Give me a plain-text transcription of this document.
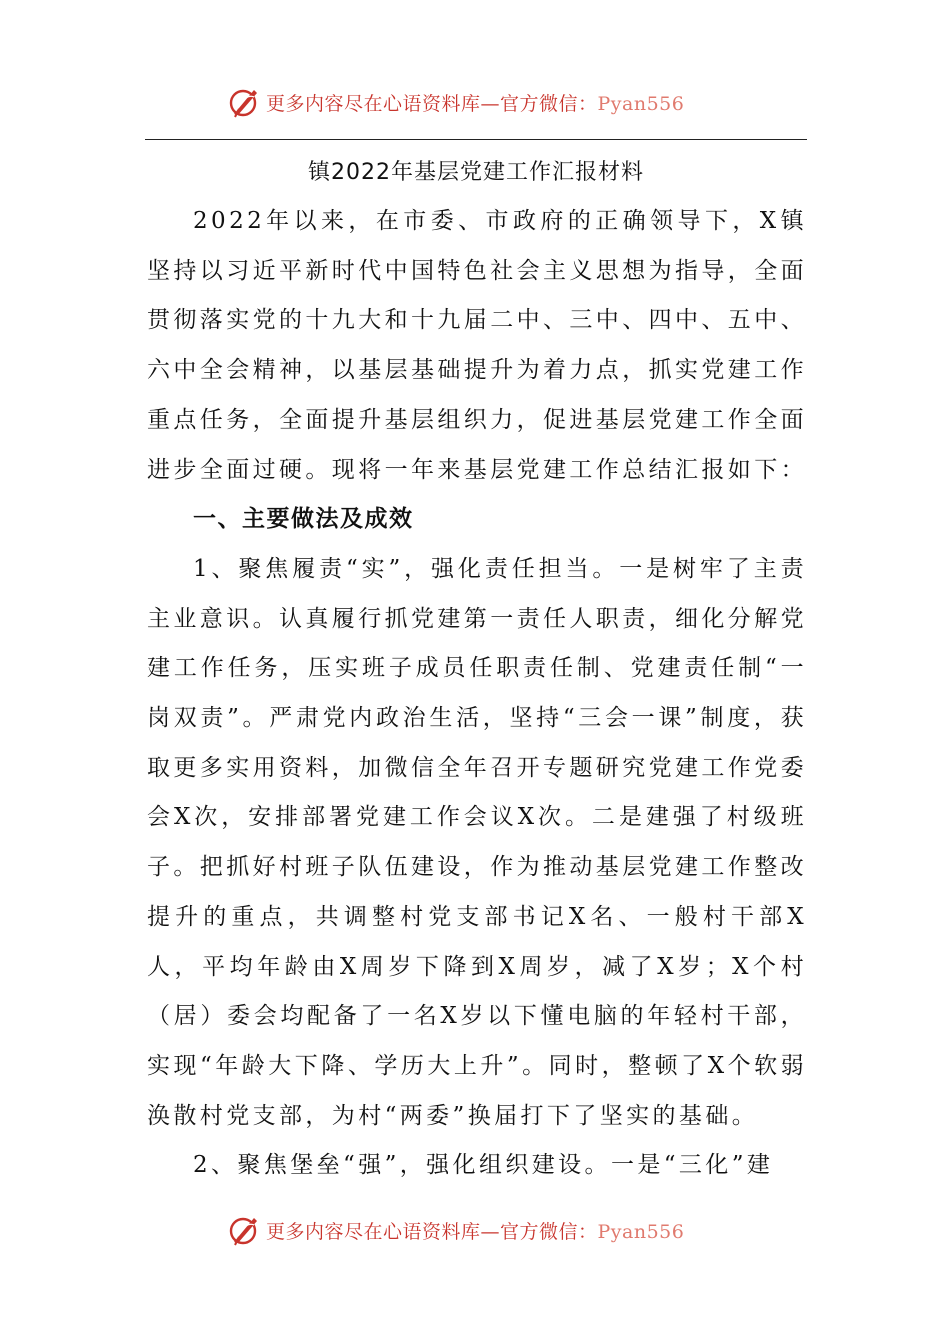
更多内容尽在心语资料库—官方微信：Pyan556
镇2022年基层党建工作汇报材料

2022年以来，在市委、市政府的正确领导下，X镇坚持以习近平新时代中国特色社会主义思想为指导，全面贯彻落实党的十九大和十九届二中、三中、四中、五中、六中全会精神，以基层基础提升为着力点，抓实党建工作重点任务，全面提升基层组织力，促进基层党建工作全面进步全面过硬。现将一年来基层党建工作总结汇报如下：

一、主要做法及成效

1、聚焦履责“实”，强化责任担当。一是树牢了主责主业意识。认真履行抓党建第一责任人职责，细化分解党建工作任务，压实班子成员任职责任制、党建责任制“一岗双责”。严肃党内政治生活，坚持“三会一课”制度，获取更多实用资料，加微信全年召开专题研究党建工作党委会X次，安排部署党建工作会议X次。二是建强了村级班子。把抓好村班子队伍建设，作为推动基层党建工作整改提升的重点，共调整村党支部书记X名、一般村干部X人，平均年龄由X周岁下降到X周岁，减了X岁；X个村（居）委会均配备了一名X岁以下懂电脑的年轻村干部，实现“年龄大下降、学历大上升”。同时，整顿了X个软弱涣散村党支部，为村“两委”换届打下了坚实的基础。

2、聚焦堡垒“强”，强化组织建设。一是“三化”建

更多内容尽在心语资料库—官方微信：Pyan556
